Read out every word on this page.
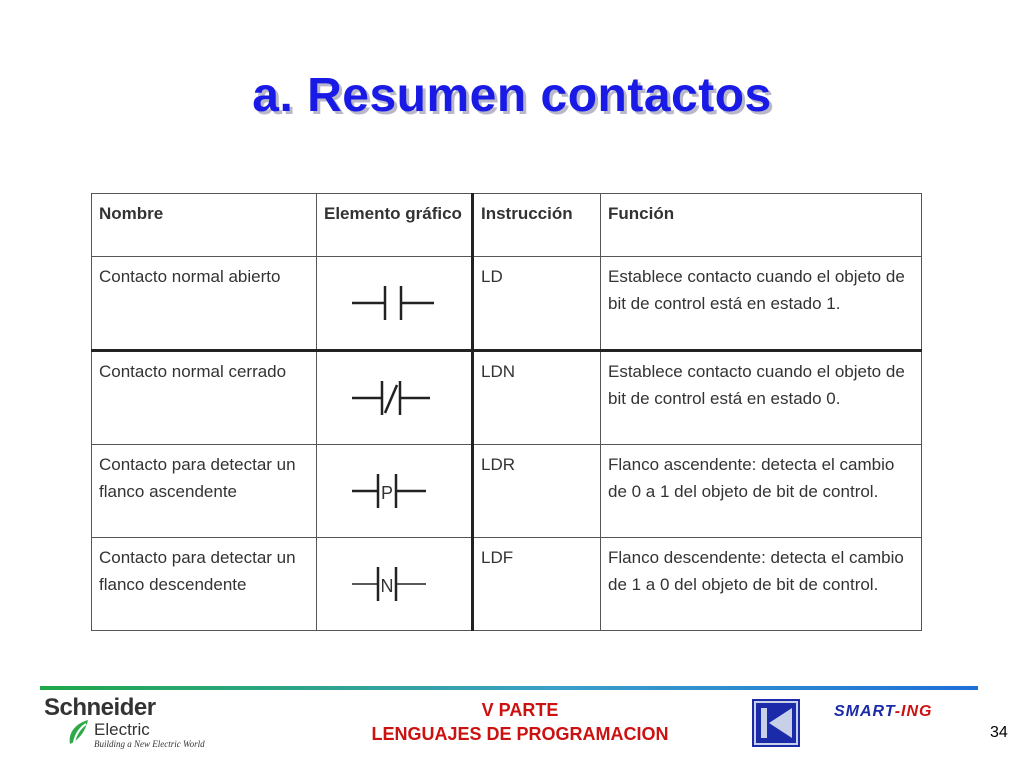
a. Resumen contactos
Nombre	Elemento gráfico	Instrucción	Función
Contacto normal abierto		LD	Establece contacto cuando el objeto de bit de control está en estado 1.
Contacto normal cerrado		LDN	Establece contacto cuando el objeto de bit de control está en estado 0.
Contacto para detectar un flanco ascendente	P	LDR	Flanco ascendente: detecta el cambio de 0 a 1 del objeto de bit de control.
Contacto para detectar un flanco descendente	N	LDF	Flanco descendente: detecta el cambio de 1 a 0 del objeto de bit de control.
Schneider
Electric
Building a New Electric World
V PARTE
LENGUAJES DE PROGRAMACION
SMART-ING
34
